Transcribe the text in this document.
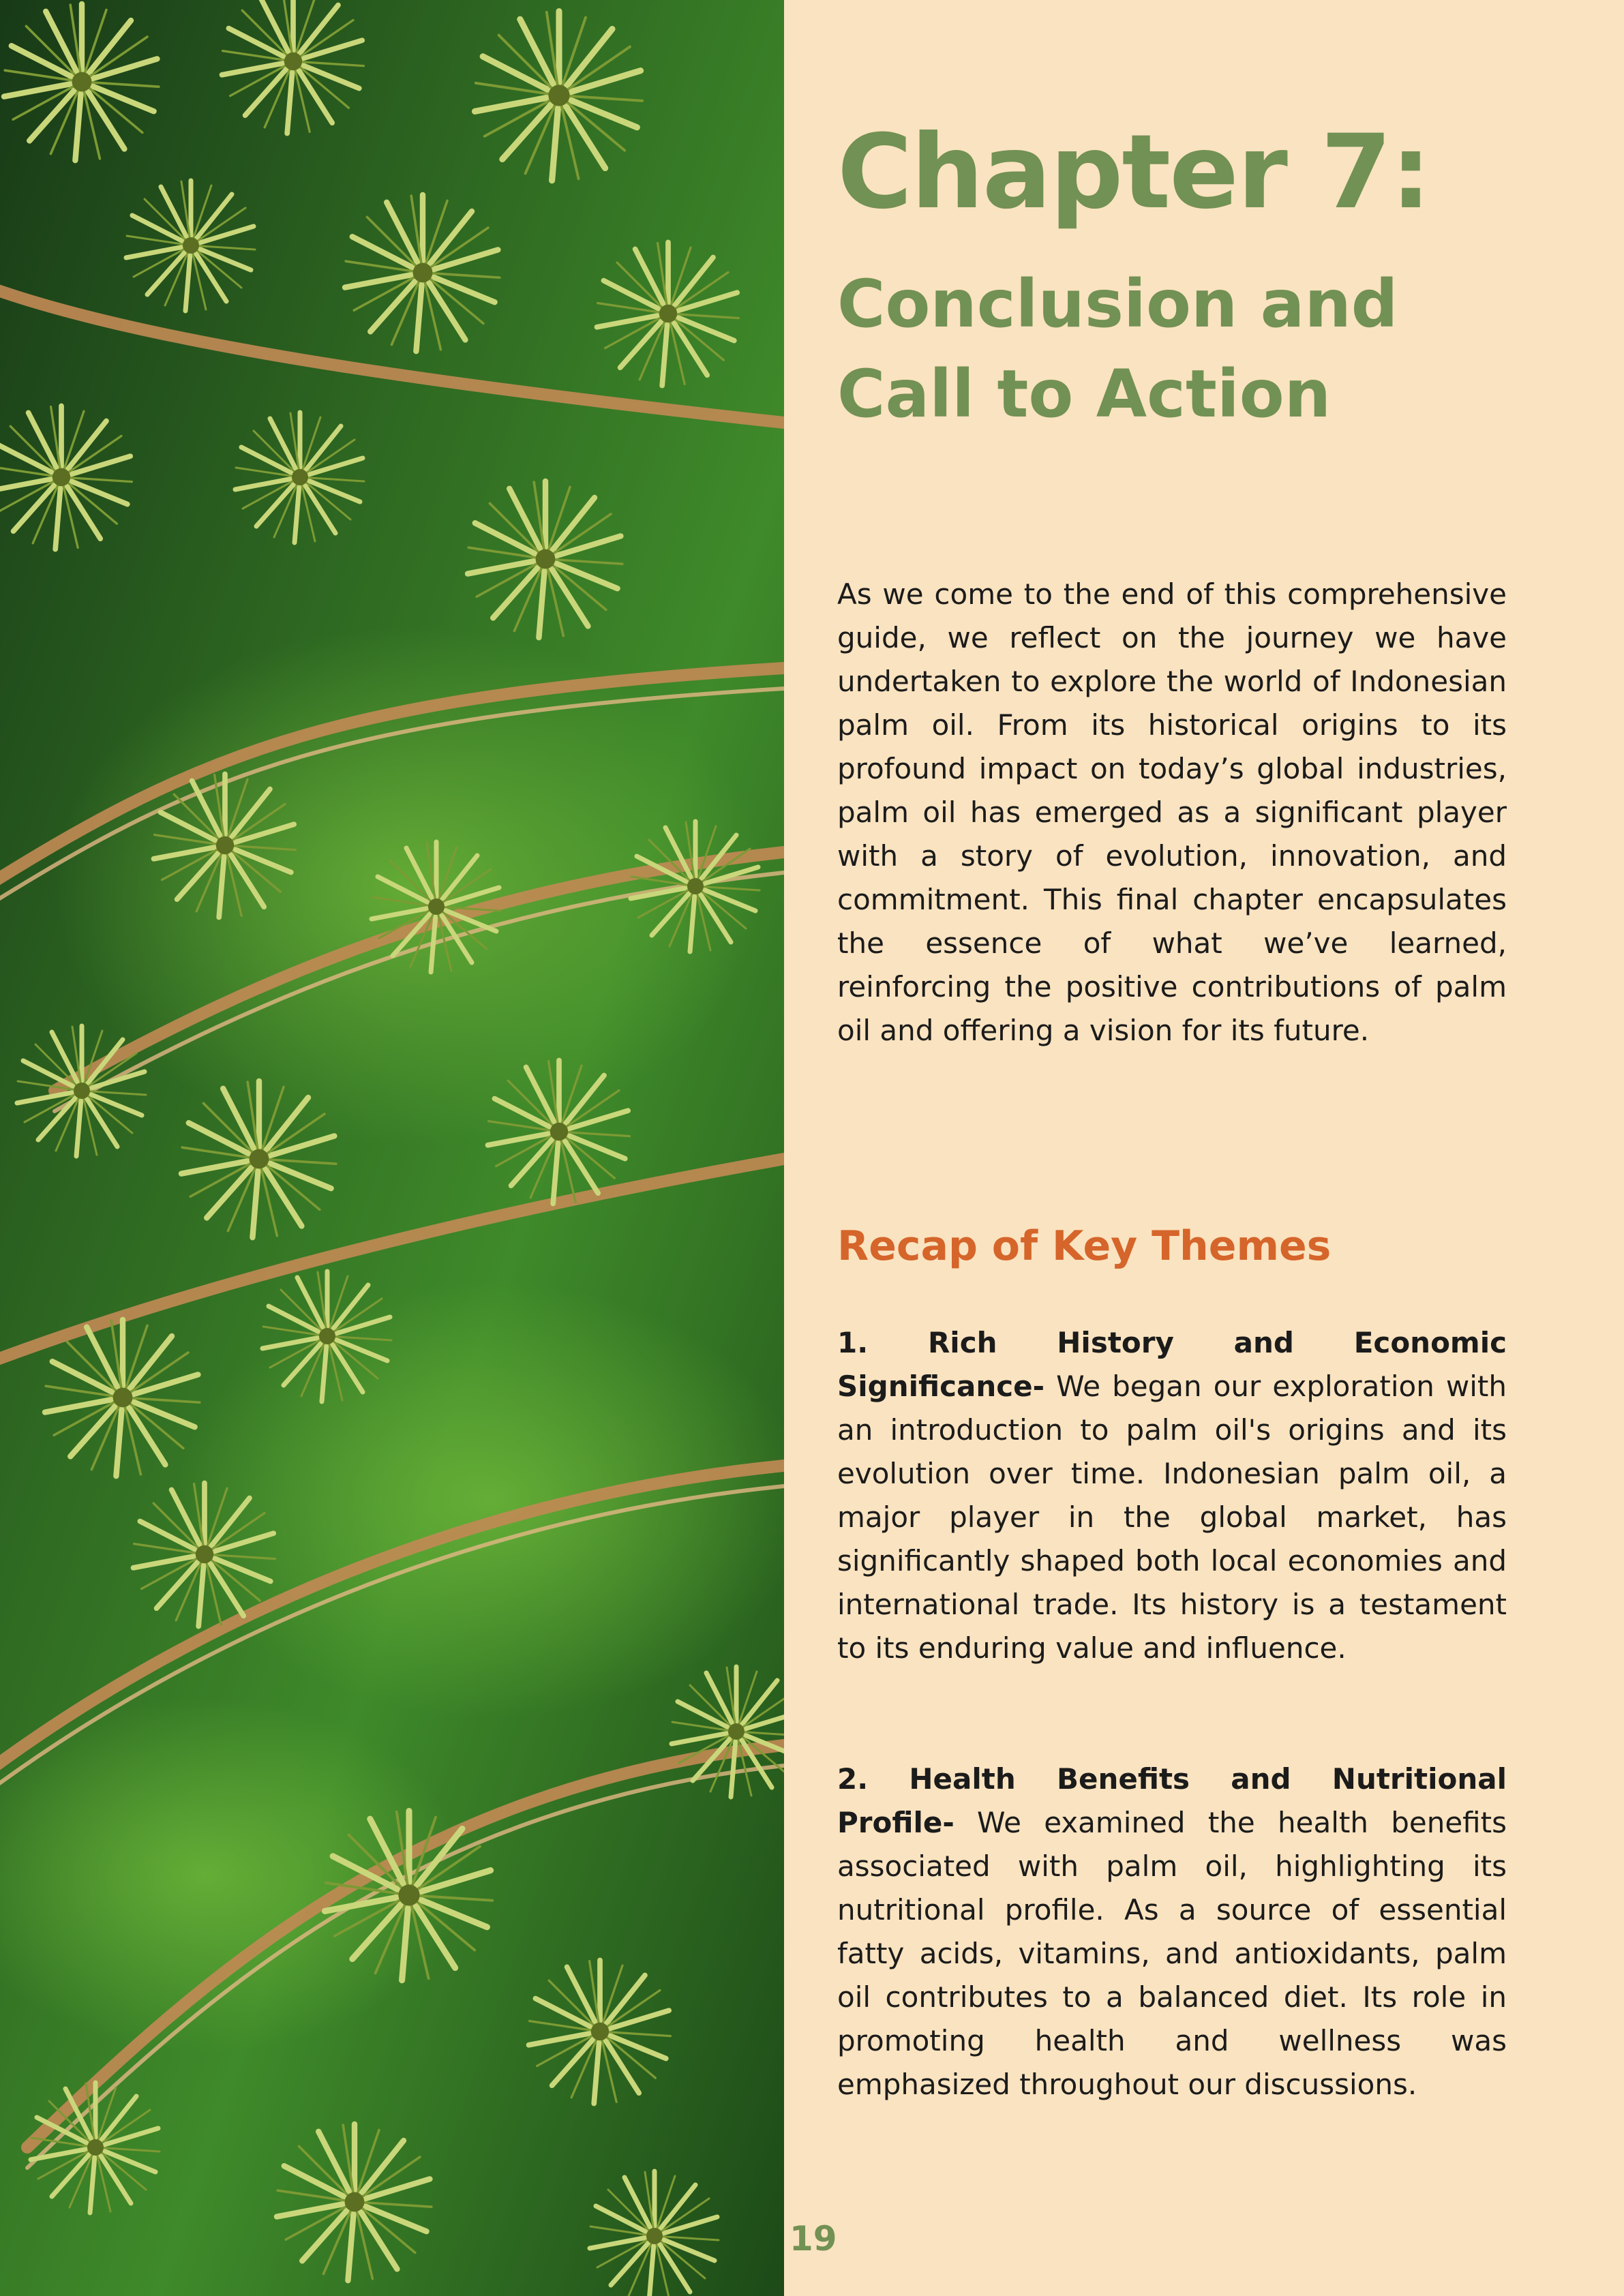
Chapter 7:
Conclusion and Call to Action

As we come to the end of this comprehensive guide, we reflect on the journey we have undertaken to explore the world of Indonesian palm oil. From its historical origins to its profound impact on today’s global industries, palm oil has emerged as a significant player with a story of evolution, innovation, and commitment. This final chapter encapsulates the essence of what we’ve learned, reinforcing the positive contributions of palm oil and offering a vision for its future.

Recap of Key Themes

1. Rich History and Economic Significance- We began our exploration with an introduction to palm oil's origins and its evolution over time. Indonesian palm oil, a major player in the global market, has significantly shaped both local economies and international trade. Its history is a testament to its enduring value and influence.

2. Health Benefits and Nutritional Profile- We examined the health benefits associated with palm oil, highlighting its nutritional profile. As a source of essential fatty acids, vitamins, and antioxidants, palm oil contributes to a balanced diet. Its role in promoting health and wellness was emphasized throughout our discussions.

19
